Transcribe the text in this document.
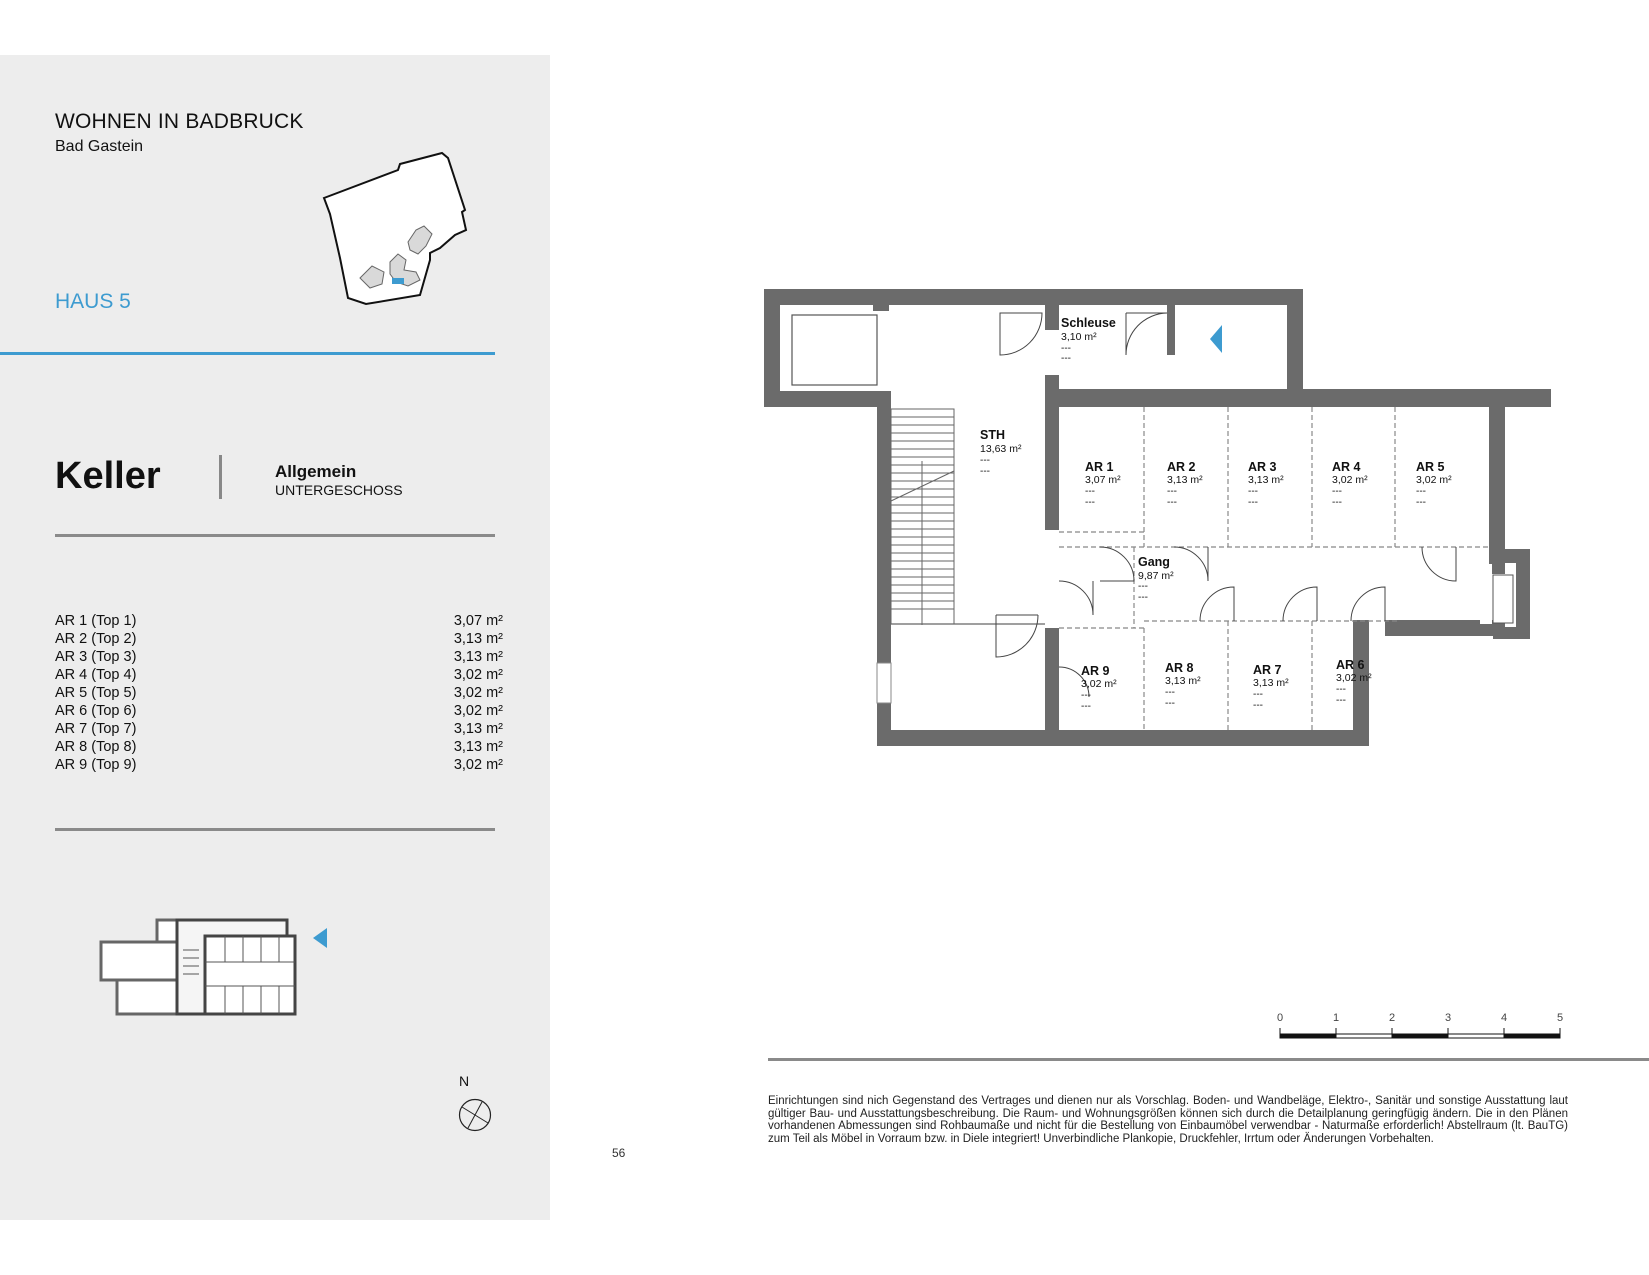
WOHNEN IN BADBRUCK
Bad Gastein
HAUS 5
Keller	Allgemein
UNTERGESCHOSS
AR 1 (Top 1)	3,07 m²
AR 2 (Top 2)	3,13 m²
AR 3 (Top 3)	3,13 m²
AR 4 (Top 4)	3,02 m²
AR 5 (Top 5)	3,02 m²
AR 6 (Top 6)	3,02 m²
AR 7 (Top 7)	3,13 m²
AR 8 (Top 8)	3,13 m²
AR 9 (Top 9)	3,02 m²
N
Schleuse
3,10 m²
---
---
STH
13,63 m²
---
---
Gang
9,87 m²
---
---
AR 1
3,07 m²
---
---
AR 2
3,13 m²
---
---
AR 3
3,13 m²
---
---
AR 4
3,02 m²
---
---
AR 5
3,02 m²
---
---
AR 9
3,02 m²
---
---
AR 8
3,13 m²
---
---
AR 7
3,13 m²
---
---
AR 6
3,02 m²
---
---
0	1	2	3	4	5
56
Einrichtungen sind nich Gegenstand des Vertrages und dienen nur als Vorschlag. Boden- und Wandbeläge, Elektro-, Sanitär und sonstige Ausstattung laut gültiger Bau- und Ausstattungsbeschreibung. Die Raum- und Wohnungsgrößen können sich durch die Detailplanung geringfügig ändern. Die in den Plänen vorhandenen Abmessungen sind Rohbaumaße und nicht für die Bestellung von Einbaumöbel verwendbar - Naturmaße erforderlich! Abstellraum (lt. BauTG) zum Teil als Möbel in Vorraum bzw. in Diele integriert! Unverbindliche Plankopie, Druckfehler, Irrtum oder Änderungen Vorbehalten.
